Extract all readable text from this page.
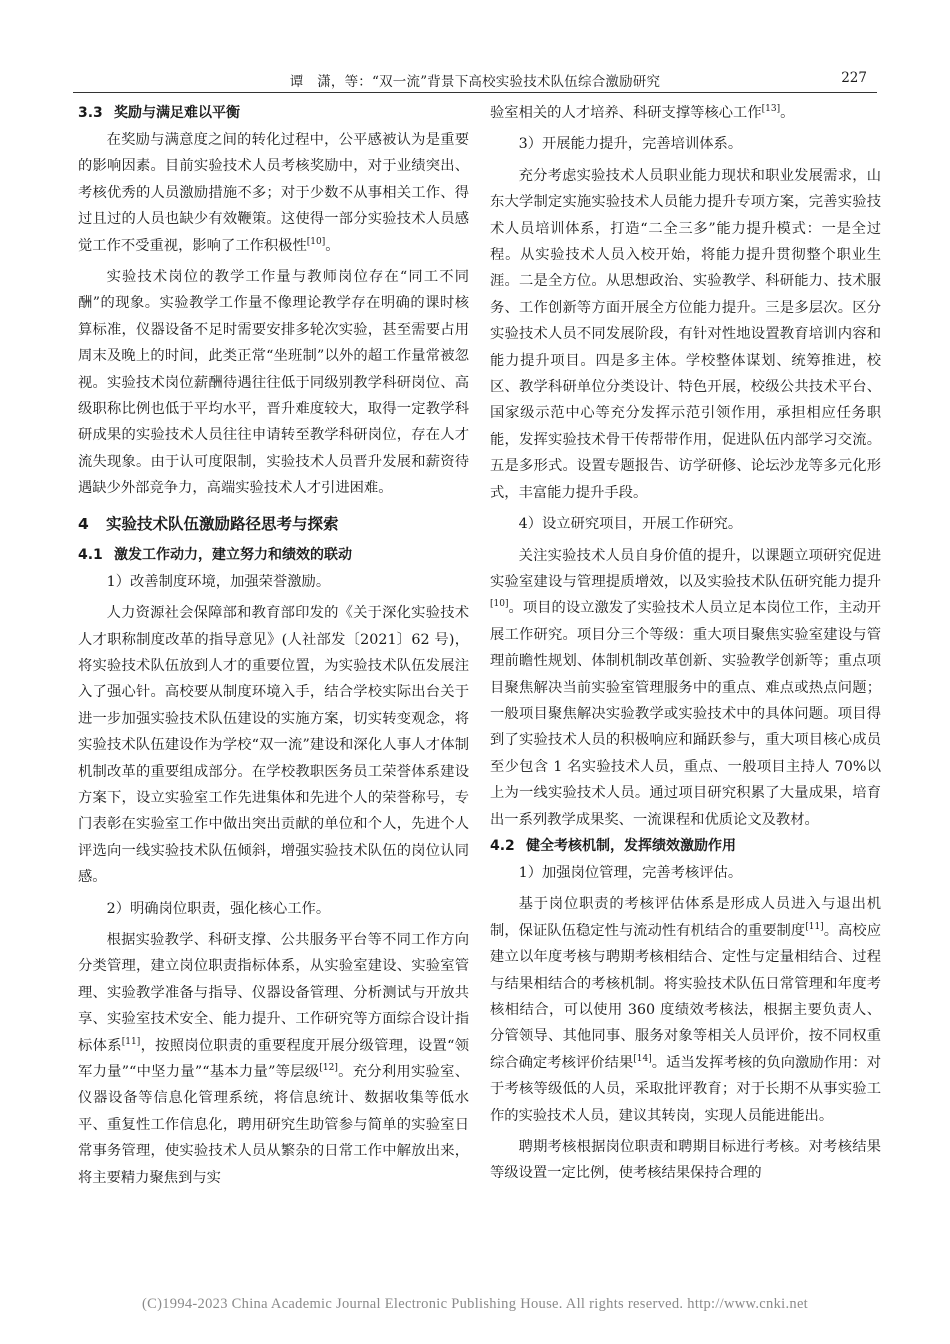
谭　潇，等：“双一流”背景下高校实验技术队伍综合激励研究	227
3.3 奖励与满足难以平衡

在奖励与满意度之间的转化过程中，公平感被认为是重要的影响因素。目前实验技术人员考核奖励中，对于业绩突出、考核优秀的人员激励措施不多；对于少数不从事相关工作、得过且过的人员也缺少有效鞭策。这使得一部分实验技术人员感觉工作不受重视，影响了工作积极性[10]。

实验技术岗位的教学工作量与教师岗位存在“同工不同酬”的现象。实验教学工作量不像理论教学存在明确的课时核算标准，仪器设备不足时需要安排多轮次实验，甚至需要占用周末及晚上的时间，此类正常“坐班制”以外的超工作量常被忽视。实验技术岗位薪酬待遇往往低于同级别教学科研岗位、高级职称比例也低于平均水平，晋升难度较大，取得一定教学科研成果的实验技术人员往往申请转至教学科研岗位，存在人才流失现象。由于认可度限制，实验技术人员晋升发展和薪资待遇缺少外部竞争力，高端实验技术人才引进困难。

4 实验技术队伍激励路径思考与探索
4.1 激发工作动力，建立努力和绩效的联动

1）改善制度环境，加强荣誉激励。

人力资源社会保障部和教育部印发的《关于深化实验技术人才职称制度改革的指导意见》(人社部发〔2021〕62 号)，将实验技术队伍放到人才的重要位置，为实验技术队伍发展注入了强心针。高校要从制度环境入手，结合学校实际出台关于进一步加强实验技术队伍建设的实施方案，切实转变观念，将实验技术队伍建设作为学校“双一流”建设和深化人事人才体制机制改革的重要组成部分。在学校教职医务员工荣誉体系建设方案下，设立实验室工作先进集体和先进个人的荣誉称号，专门表彰在实验室工作中做出突出贡献的单位和个人，先进个人评选向一线实验技术队伍倾斜，增强实验技术队伍的岗位认同感。

2）明确岗位职责，强化核心工作。

根据实验教学、科研支撑、公共服务平台等不同工作方向分类管理，建立岗位职责指标体系，从实验室建设、实验室管理、实验教学准备与指导、仪器设备管理、分析测试与开放共享、实验室技术安全、能力提升、工作研究等方面综合设计指标体系[11]，按照岗位职责的重要程度开展分级管理，设置“领军力量”“中坚力量”“基本力量”等层级[12]。充分利用实验室、仪器设备等信息化管理系统，将信息统计、数据收集等低水平、重复性工作信息化，聘用研究生助管参与简单的实验室日常事务管理，使实验技术人员从繁杂的日常工作中解放出来，将主要精力聚焦到与实

验室相关的人才培养、科研支撑等核心工作[13]。

3）开展能力提升，完善培训体系。

充分考虑实验技术人员职业能力现状和职业发展需求，山东大学制定实施实验技术人员能力提升专项方案，完善实验技术人员培训体系，打造“二全三多”能力提升模式：一是全过程。从实验技术人员入校开始，将能力提升贯彻整个职业生涯。二是全方位。从思想政治、实验教学、科研能力、技术服务、工作创新等方面开展全方位能力提升。三是多层次。区分实验技术人员不同发展阶段，有针对性地设置教育培训内容和能力提升项目。四是多主体。学校整体谋划、统筹推进，校区、教学科研单位分类设计、特色开展，校级公共技术平台、国家级示范中心等充分发挥示范引领作用，承担相应任务职能，发挥实验技术骨干传帮带作用，促进队伍内部学习交流。五是多形式。设置专题报告、访学研修、论坛沙龙等多元化形式，丰富能力提升手段。

4）设立研究项目，开展工作研究。

关注实验技术人员自身价值的提升，以课题立项研究促进实验室建设与管理提质增效，以及实验技术队伍研究能力提升[10]。项目的设立激发了实验技术人员立足本岗位工作，主动开展工作研究。项目分三个等级：重大项目聚焦实验室建设与管理前瞻性规划、体制机制改革创新、实验教学创新等；重点项目聚焦解决当前实验室管理服务中的重点、难点或热点问题；一般项目聚焦解决实验教学或实验技术中的具体问题。项目得到了实验技术人员的积极响应和踊跃参与，重大项目核心成员至少包含 1 名实验技术人员，重点、一般项目主持人 70%以上为一线实验技术人员。通过项目研究积累了大量成果，培育出一系列教学成果奖、一流课程和优质论文及教材。

4.2 健全考核机制，发挥绩效激励作用

1）加强岗位管理，完善考核评估。

基于岗位职责的考核评估体系是形成人员进入与退出机制，保证队伍稳定性与流动性有机结合的重要制度[11]。高校应建立以年度考核与聘期考核相结合、定性与定量相结合、过程与结果相结合的考核机制。将实验技术队伍日常管理和年度考核相结合，可以使用 360 度绩效考核法，根据主要负责人、分管领导、其他同事、服务对象等相关人员评价，按不同权重综合确定考核评价结果[14]。适当发挥考核的负向激励作用：对于考核等级低的人员，采取批评教育；对于长期不从事实验工作的实验技术人员，建议其转岗，实现人员能进能出。

聘期考核根据岗位职责和聘期目标进行考核。对考核结果等级设置一定比例，使考核结果保持合理的

(C)1994-2023 China Academic Journal Electronic Publishing House. All rights reserved. http://www.cnki.net
